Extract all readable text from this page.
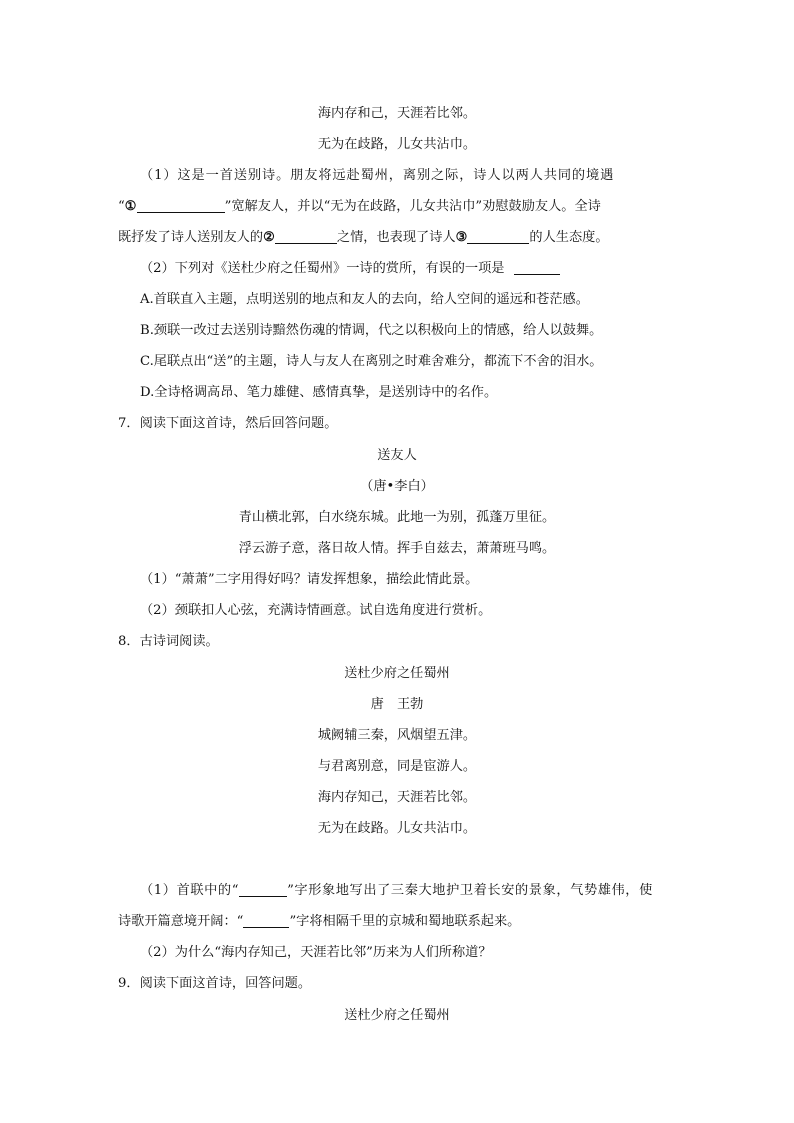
海内存和己，天涯若比邻。
无为在歧路，儿女共沾巾。
（1）这是一首送别诗。朋友将远赴蜀州，离别之际，诗人以两人共同的境遇
“①	”宽解友人，并以“无为在歧路，儿女共沾巾”劝慰鼓励友人。全诗
既抒发了诗人送别友人的②	之情，也表现了诗人③	的人生态度。
（2）下列对《送杜少府之任蜀州》一诗的赏所，有误的一项是
A.首联直入主题，点明送别的地点和友人的去向，给人空间的遥远和苍茫感。
B.颈联一改过去送别诗黯然伤魂的情调，代之以积极向上的情感，给人以鼓舞。
C.尾联点出“送”的主题，诗人与友人在离别之时难舍难分，都流下不舍的泪水。
D.全诗格调高昂、笔力雄健、感情真挚，是送别诗中的名作。
7．阅读下面这首诗，然后回答问题。
送友人
（唐•李白）
青山横北郭，白水绕东城。此地一为别，孤蓬万里征。
浮云游子意，落日故人情。挥手自兹去，萧萧班马鸣。
（1）“萧萧”二字用得好吗？请发挥想象，描绘此情此景。
（2）颈联扣人心弦，充满诗情画意。试自选角度进行赏析。
8．古诗词阅读。
送杜少府之任蜀州
唐　王勃
城阙辅三秦，风烟望五津。
与君离别意，同是宦游人。
海内存知己，天涯若比邻。
无为在歧路。儿女共沾巾。
（1）首联中的“	”字形象地写出了三秦大地护卫着长安的景象，气势雄伟，使
诗歌开篇意境开阔：“	”字将相隔千里的京城和蜀地联系起来。
（2）为什么“海内存知己，天涯若比邻”历来为人们所称道？
9．阅读下面这首诗，回答问题。
送杜少府之任蜀州
